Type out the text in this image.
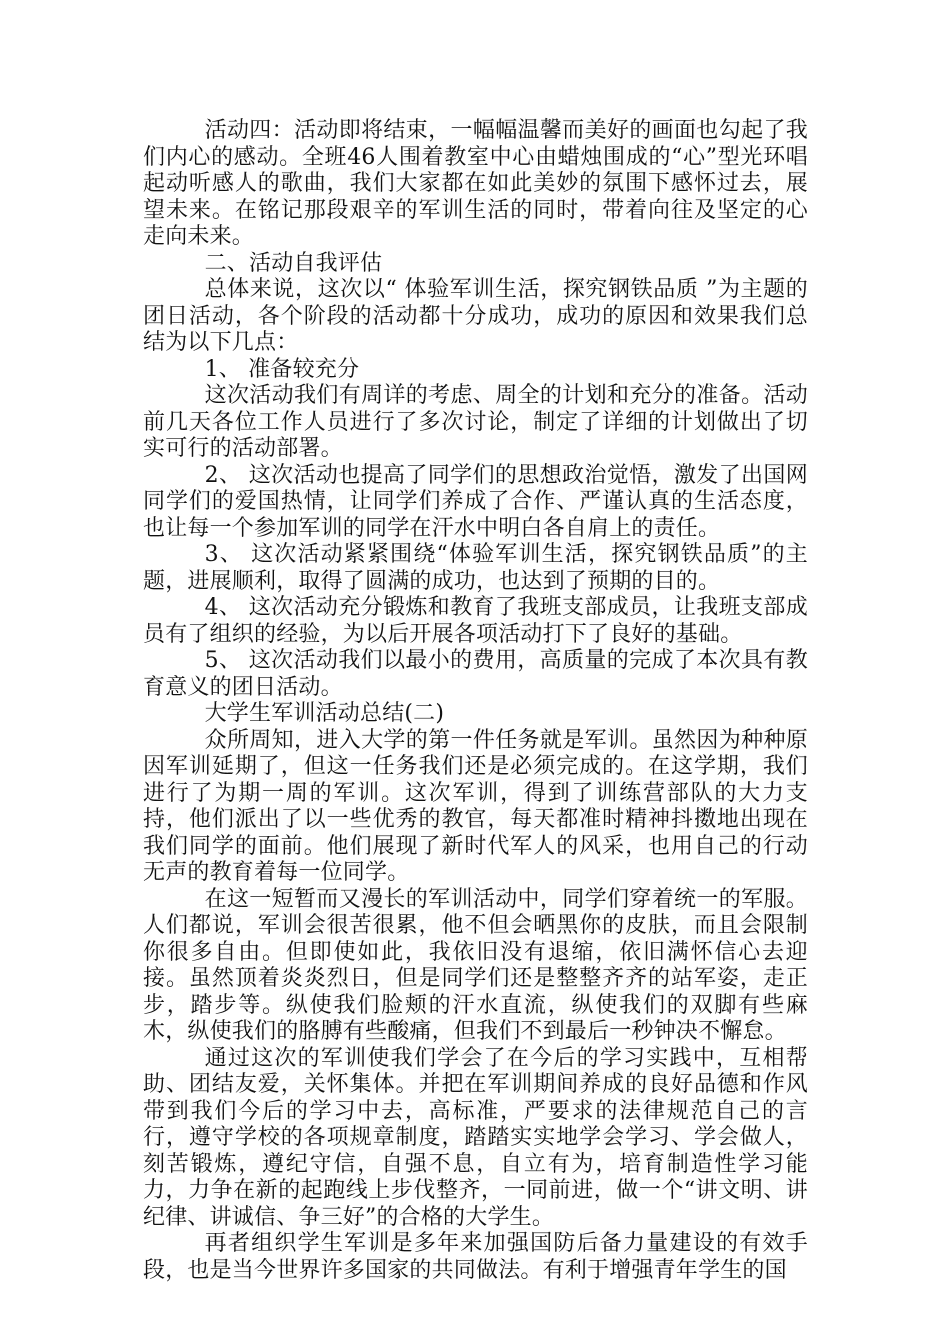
活动四：活动即将结束，一幅幅温馨而美好的画面也勾起了我们内心的感动。全班46人围着教室中心由蜡烛围成的“心”型光环唱起动听感人的歌曲，我们大家都在如此美妙的氛围下感怀过去，展望未来。在铭记那段艰辛的军训生活的同时，带着向往及坚定的心走向未来。

二、活动自我评估

总体来说，这次以“ 体验军训生活，探究钢铁品质 ”为主题的团日活动，各个阶段的活动都十分成功，成功的原因和效果我们总结为以下几点：

1、 准备较充分

这次活动我们有周详的考虑、周全的计划和充分的准备。活动前几天各位工作人员进行了多次讨论，制定了详细的计划做出了切实可行的活动部署。

2、 这次活动也提高了同学们的思想政治觉悟，激发了出国网同学们的爱国热情，让同学们养成了合作、严谨认真的生活态度，也让每一个参加军训的同学在汗水中明白各自肩上的责任。

3、 这次活动紧紧围绕“体验军训生活，探究钢铁品质”的主题，进展顺利，取得了圆满的成功，也达到了预期的目的。

4、 这次活动充分锻炼和教育了我班支部成员，让我班支部成员有了组织的经验，为以后开展各项活动打下了良好的基础。

5、 这次活动我们以最小的费用，高质量的完成了本次具有教育意义的团日活动。

大学生军训活动总结(二)

众所周知，进入大学的第一件任务就是军训。虽然因为种种原因军训延期了，但这一任务我们还是必须完成的。在这学期，我们进行了为期一周的军训。这次军训，得到了训练营部队的大力支持，他们派出了以一些优秀的教官，每天都准时精神抖擞地出现在我们同学的面前。他们展现了新时代军人的风采，也用自己的行动无声的教育着每一位同学。

在这一短暂而又漫长的军训活动中，同学们穿着统一的军服。人们都说，军训会很苦很累，他不但会晒黑你的皮肤，而且会限制你很多自由。但即使如此，我依旧没有退缩，依旧满怀信心去迎接。虽然顶着炎炎烈日，但是同学们还是整整齐齐的站军姿，走正步，踏步等。纵使我们脸颊的汗水直流，纵使我们的双脚有些麻木，纵使我们的胳膊有些酸痛，但我们不到最后一秒钟决不懈怠。

通过这次的军训使我们学会了在今后的学习实践中，互相帮助、团结友爱，关怀集体。并把在军训期间养成的良好品德和作风带到我们今后的学习中去，高标准，严要求的法律规范自己的言行，遵守学校的各项规章制度，踏踏实实地学会学习、学会做人，刻苦锻炼，遵纪守信，自强不息，自立有为，培育制造性学习能力，力争在新的起跑线上步伐整齐，一同前进，做一个“讲文明、讲纪律、讲诚信、争三好”的合格的大学生。

再者组织学生军训是多年来加强国防后备力量建设的有效手段，也是当今世界许多国家的共同做法。有利于增强青年学生的国
